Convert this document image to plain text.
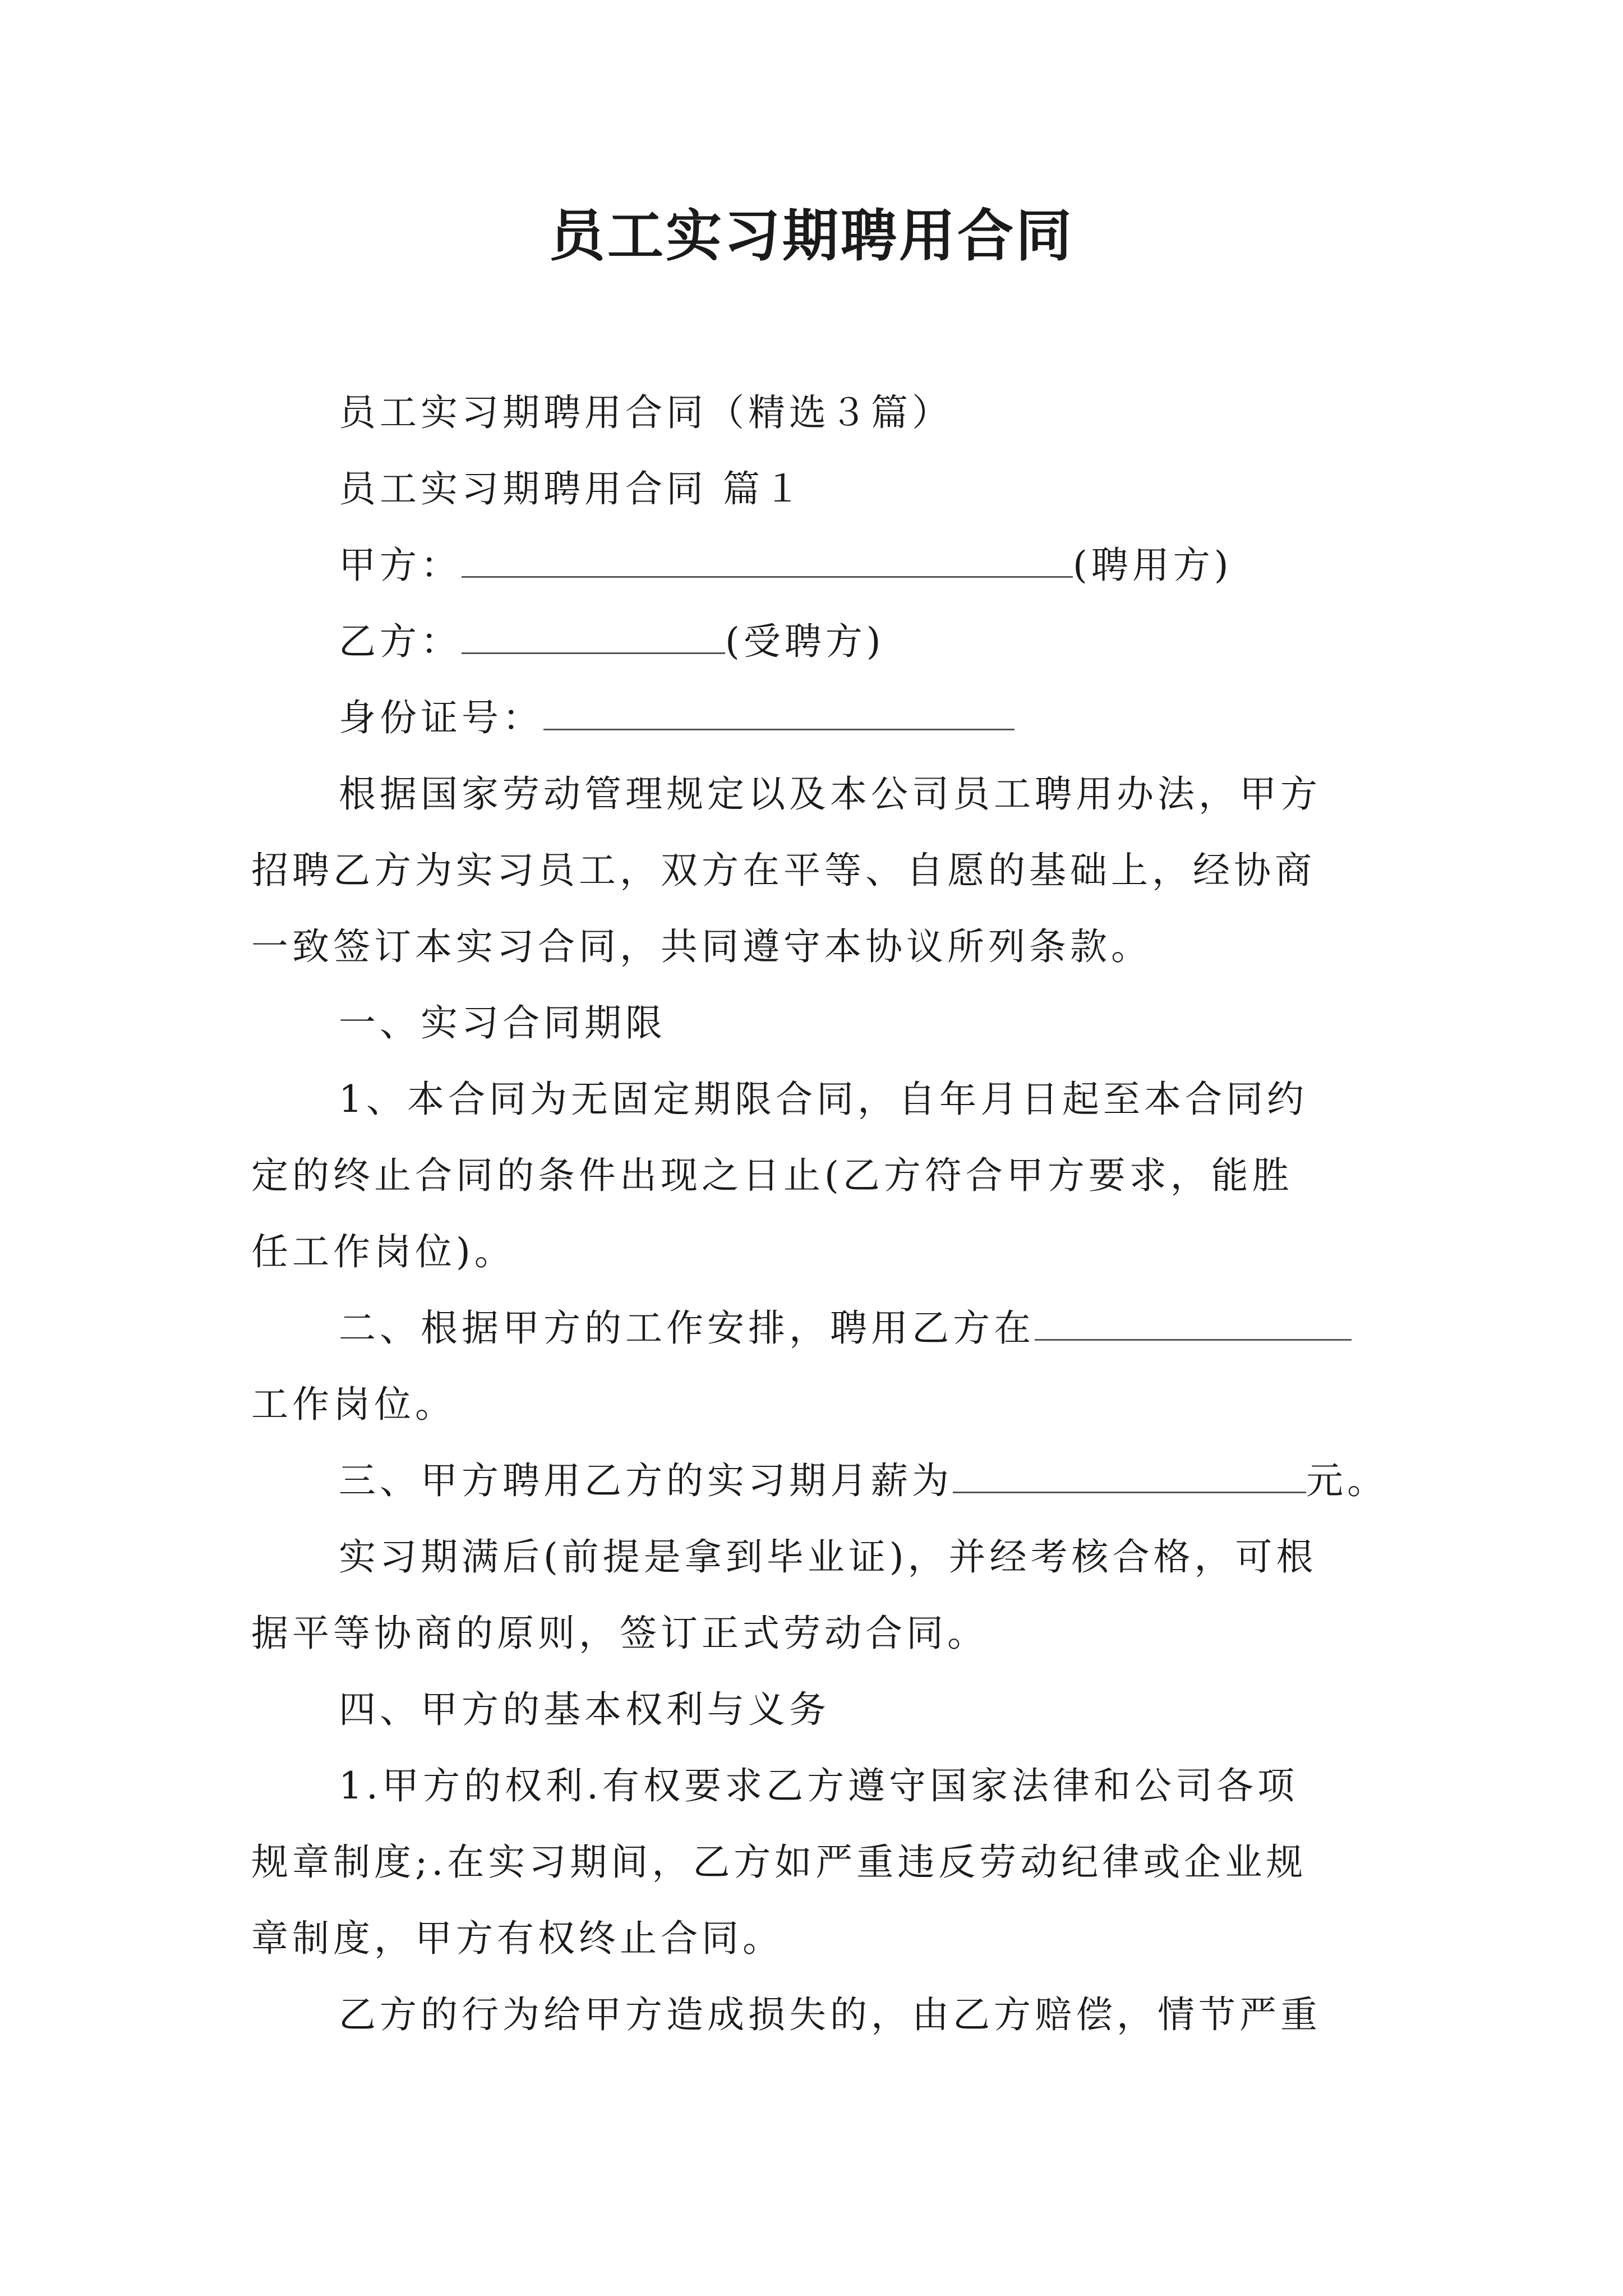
员工实习期聘用合同
员工实习期聘用合同（精选３篇）
员工实习期聘用合同 篇１
甲方：	(聘用方)
乙方：	(受聘方)
身份证号：
根据国家劳动管理规定以及本公司员工聘用办法，甲方
招聘乙方为实习员工，双方在平等、自愿的基础上，经协商
一致签订本实习合同，共同遵守本协议所列条款。
一、实习合同期限
1、本合同为无固定期限合同，自年月日起至本合同约
定的终止合同的条件出现之日止(乙方符合甲方要求，能胜
任工作岗位)。
二、根据甲方的工作安排，聘用乙方在
工作岗位。
三、甲方聘用乙方的实习期月薪为	元。
实习期满后(前提是拿到毕业证)，并经考核合格，可根
据平等协商的原则，签订正式劳动合同。
四、甲方的基本权利与义务
1.甲方的权利.有权要求乙方遵守国家法律和公司各项
规章制度;.在实习期间，乙方如严重违反劳动纪律或企业规
章制度，甲方有权终止合同。
乙方的行为给甲方造成损失的，由乙方赔偿，情节严重
